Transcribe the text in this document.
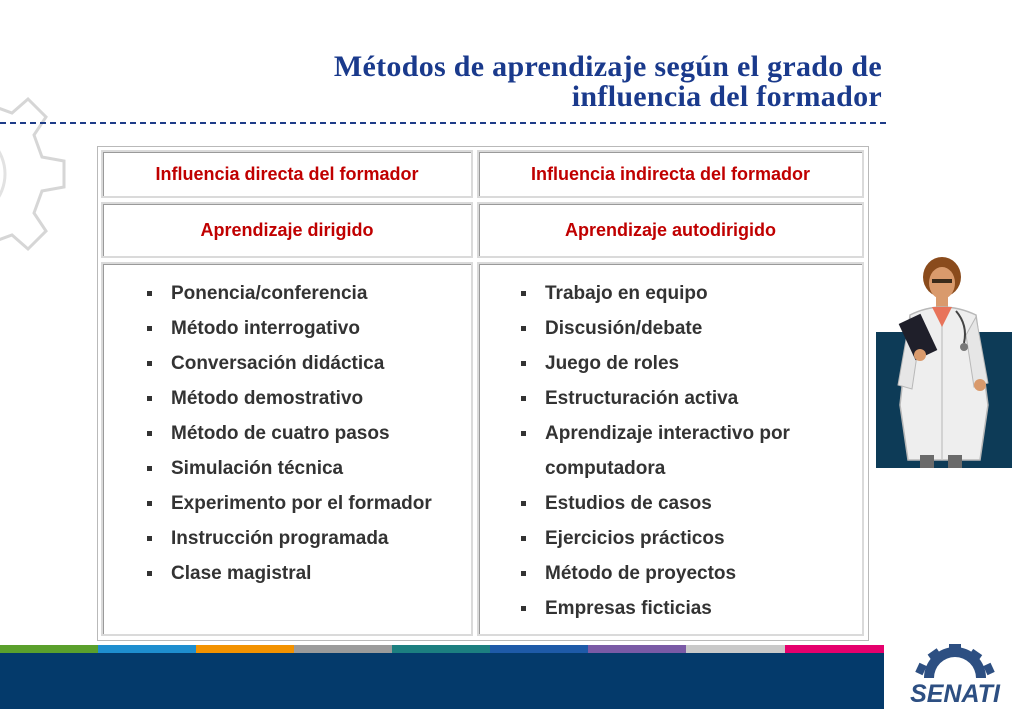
Métodos de aprendizaje según el grado de
influencia del formador
Influencia directa del formador	Influencia indirecta del formador
Aprendizaje dirigido	Aprendizaje autodirigido
Ponencia/conferencia
Método interrogativo
Conversación didáctica
Método demostrativo
Método de cuatro pasos
Simulación técnica
Experimento por el formador
Instrucción programada
Clase magistral
Trabajo en equipo
Discusión/debate
Juego de roles
Estructuración activa
Aprendizaje interactivo por
computadora
Estudios de casos
Ejercicios prácticos
Método de proyectos
Empresas ficticias
SENATI
